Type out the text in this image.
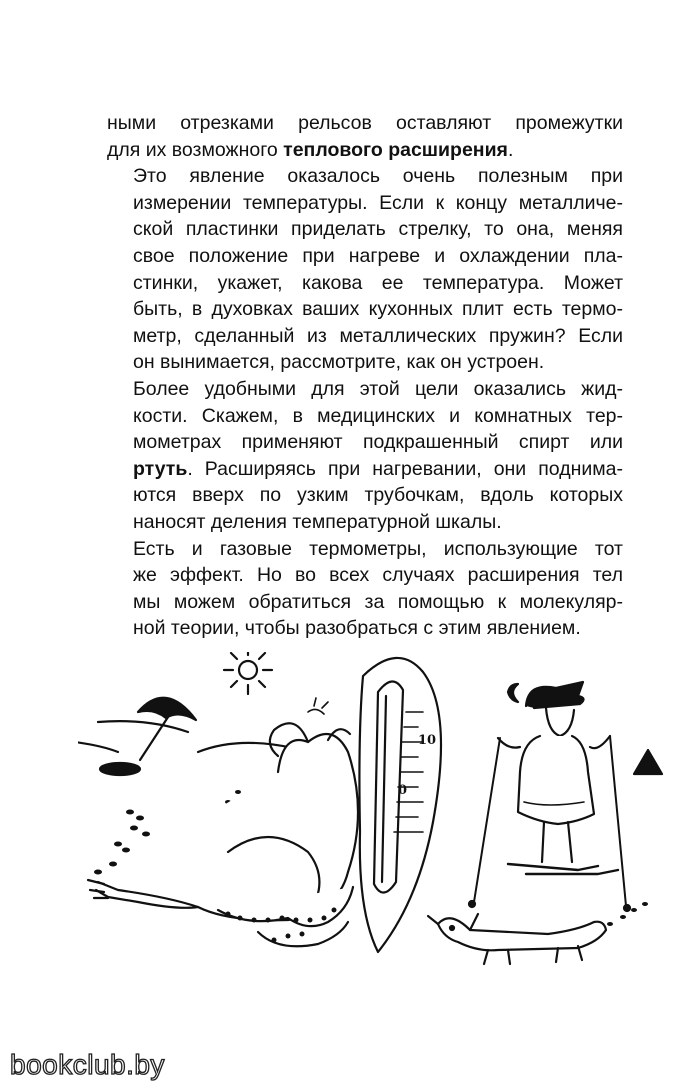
ными отрезками рельсов оставляют промежутки
для их возможного теплового расширения.
Это явление оказалось очень полезным при
измерении температуры. Если к концу металличе-
ской пластинки приделать стрелку, то она, меняя
свое положение при нагреве и охлаждении пла-
стинки, укажет, какова ее температура. Может
быть, в духовках ваших кухонных плит есть термо-
метр, сделанный из металлических пружин? Если
он вынимается, рассмотрите, как он устроен.
Более удобными для этой цели оказались жид-
кости. Скажем, в медицинских и комнатных тер-
мометрах применяют подкрашенный спирт или
ртуть. Расширяясь при нагревании, они поднима-
ются вверх по узким трубочкам, вдоль которых
наносят деления температурной шкалы.
Есть и газовые термометры, использующие тот
же эффект. Но во всех случаях расширения тел
мы можем обратиться за помощью к молекуляр-
ной теории, чтобы разобраться с этим явлением.
10
0
bookclub.by
